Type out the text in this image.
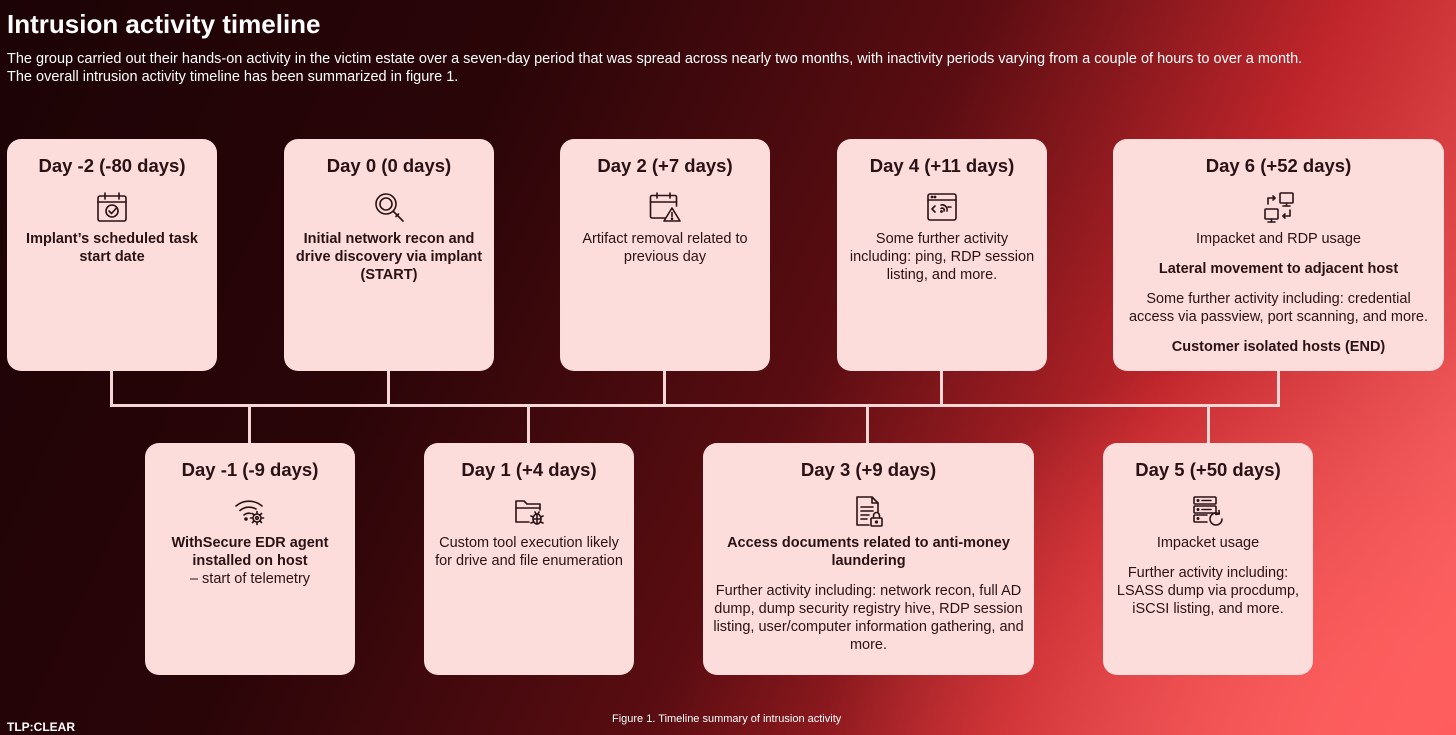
Intrusion activity timeline

The group carried out their hands-on activity in the victim estate over a seven-day period that was spread across nearly two months, with inactivity periods varying from a couple of hours to over a month.

The overall intrusion activity timeline has been summarized in figure 1.

Day -2 (-80 days)
Implant’s scheduled task start date
Day 0 (0 days)
Initial network recon and drive discovery via implant (START)
Day 2 (+7 days)
Artifact removal related to previous day
Day 4 (+11 days)
Some further activity including: ping, RDP session listing, and more.
Day 6 (+52 days)
Impacket and RDP usage
Lateral movement to adjacent host
Some further activity including: credential access via passview, port scanning, and more.
Customer isolated hosts (END)
Day -1 (-9 days)
WithSecure EDR agent installed on host
– start of telemetry
Day 1 (+4 days)
Custom tool execution likely for drive and file enumeration
Day 3 (+9 days)
Access documents related to anti-money laundering
Further activity including: network recon, full AD dump, dump security registry hive, RDP session listing, user/computer information gathering, and more.
Day 5 (+50 days)
Impacket usage
Further activity including: LSASS dump via procdump, iSCSI listing, and more.
Figure 1. Timeline summary of intrusion activity
TLP:CLEAR
